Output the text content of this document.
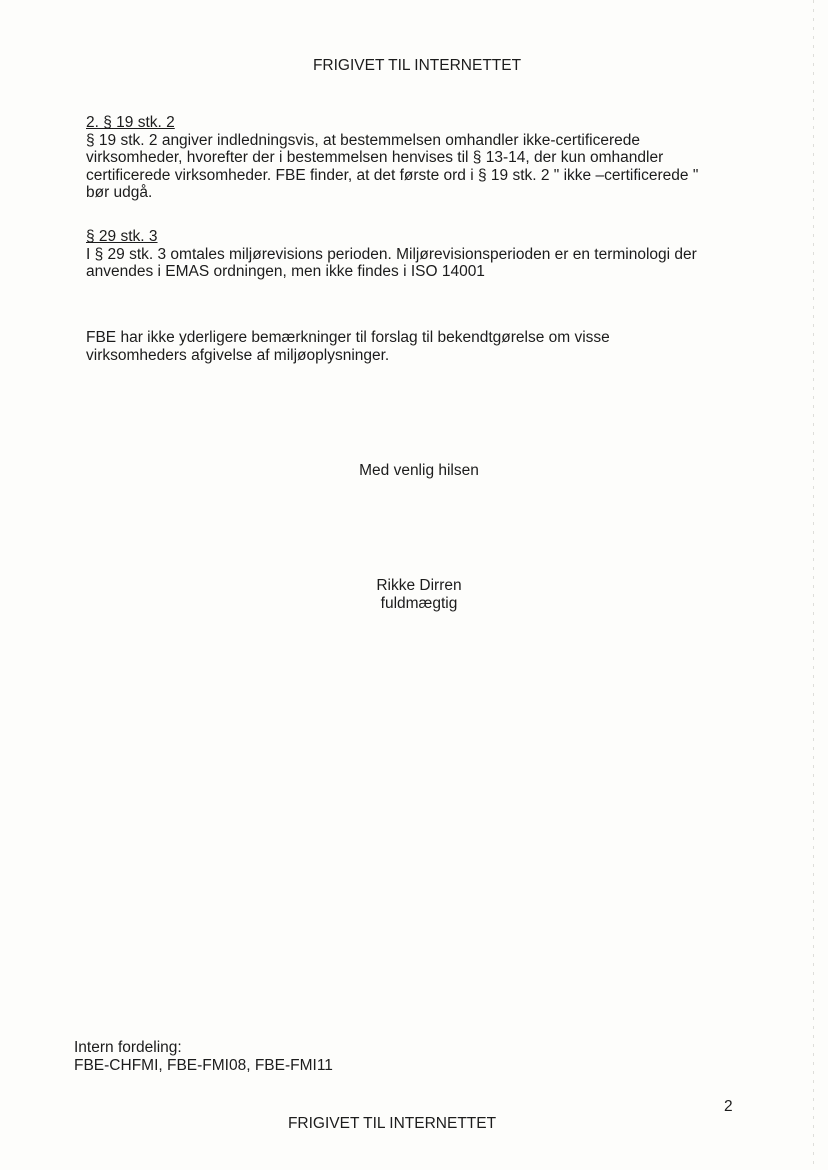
FRIGIVET TIL INTERNETTET

2. § 19 stk. 2

§ 19 stk. 2 angiver indledningsvis, at bestemmelsen omhandler ikke-certificerede

virksomheder, hvorefter der i bestemmelsen henvises til § 13-14, der kun omhandler

certificerede virksomheder. FBE finder, at det første ord i § 19 stk. 2 " ikke –certificerede "

bør udgå.

§ 29 stk. 3

I § 29 stk. 3 omtales miljørevisions perioden. Miljørevisionsperioden er en terminologi der

anvendes i EMAS ordningen, men ikke findes i ISO 14001

FBE har ikke yderligere bemærkninger til forslag til bekendtgørelse om visse

virksomheders afgivelse af miljøoplysninger.

Med venlig hilsen

Rikke Dirren

fuldmægtig

Intern fordeling:

FBE-CHFMI, FBE-FMI08, FBE-FMI11

2
FRIGIVET TIL INTERNETTET
